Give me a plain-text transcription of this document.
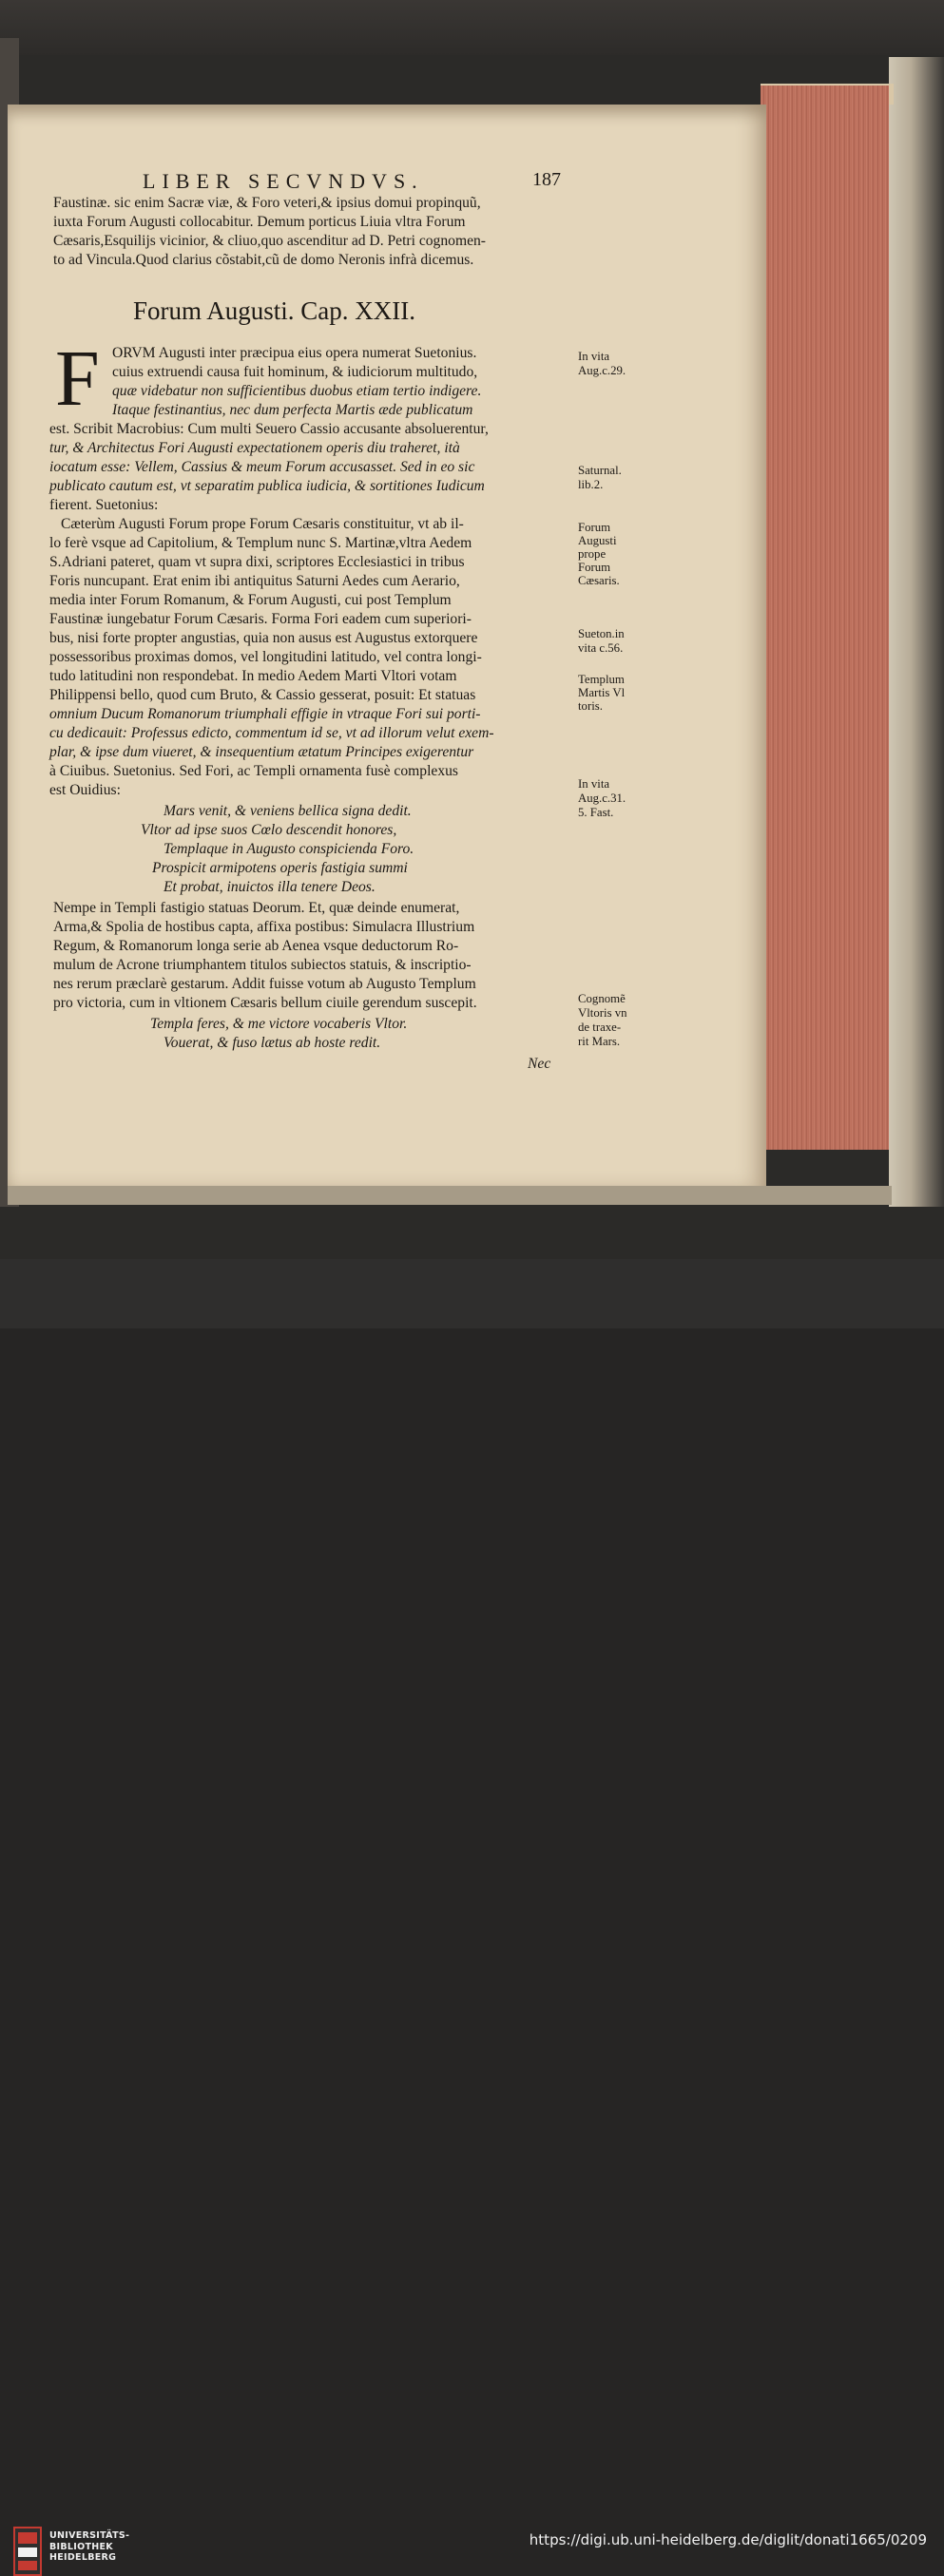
LIBER SECVNDVS.	187
Faustinæ. sic enim Sacræ viæ, & Foro veteri,& ipsius domui propinquũ,
iuxta Forum Augusti collocabitur. Demum porticus Liuia vltra Forum
Cæsaris,Esquilijs vicinior, & cliuo,quo ascenditur ad D. Petri cognomen-
to ad Vincula.Quod clarius cõstabit,cũ de domo Neronis infrà dicemus.
Forum Augusti. Cap. XXII.
F ORVM Augusti inter præcipua eius opera numerat Suetonius.
cuius extruendi causa fuit hominum, & iudiciorum multitudo,
quæ videbatur non sufficientibus duobus etiam tertio indigere.
Itaque festinantius, nec dum perfecta Martis æde publicatum
est. Scribit Macrobius: Cum multi Seuero Cassio accusante absoluerentur,
tur, & Architectus Fori Augusti expectationem operis diu traheret, ità
iocatum esse: Vellem, Cassius & meum Forum accusasset. Sed in eo sic
publicato cautum est, vt separatim publica iudicia, & sortitiones Iudicum
fierent. Suetonius:
Cæterùm Augusti Forum prope Forum Cæsaris constituitur, vt ab il-
lo ferè vsque ad Capitolium, & Templum nunc S. Martinæ,vltra Aedem
S.Adriani pateret, quam vt supra dixi, scriptores Ecclesiastici in tribus
Foris nuncupant. Erat enim ibi antiquitus Saturni Aedes cum Aerario,
media inter Forum Romanum, & Forum Augusti, cui post Templum
Faustinæ iungebatur Forum Cæsaris. Forma Fori eadem cum superiori-
bus, nisi forte propter angustias, quia non ausus est Augustus extorquere
possessoribus proximas domos, vel longitudini latitudo, vel contra longi-
tudo latitudini non respondebat. In medio Aedem Marti Vltori votam
Philippensi bello, quod cum Bruto, & Cassio gesserat, posuit: Et statuas
omnium Ducum Romanorum triumphali effigie in vtraque Fori sui porti-
cu dedicauit: Professus edicto, commentum id se, vt ad illorum velut exem-
plar, & ipse dum viueret, & insequentium ætatum Principes exigerentur
à Ciuibus. Suetonius. Sed Fori, ac Templi ornamenta fusè complexus
est Ouidius:
Mars venit, & veniens bellica signa dedit.
Vltor ad ipse suos Cœlo descendit honores,
Templaque in Augusto conspicienda Foro.
Prospicit armipotens operis fastigia summi
Et probat, inuictos illa tenere Deos.
Nempe in Templi fastigio statuas Deorum. Et, quæ deinde enumerat,
Arma,& Spolia de hostibus capta, affixa postibus: Simulacra Illustrium
Regum, & Romanorum longa serie ab Aenea vsque deductorum Ro-
mulum de Acrone triumphantem titulos subiectos statuis, & inscriptio-
nes rerum præclarè gestarum. Addit fuisse votum ab Augusto Templum
pro victoria, cum in vltionem Cæsaris bellum ciuile gerendum suscepit.
Templa feres, & me victore vocaberis Vltor.
Vouerat, & fuso lætus ab hoste redit.
Nec
In vita
Aug.c.29.
Saturnal.
lib.2.
Forum
Augusti
prope
Forum
Cæsaris.
Sueton.in
vita c.56.
Templum
Martis Vl
toris.
In vita
Aug.c.31.
5. Fast.
Cognomẽ
Vltoris vn
de traxe-
rit Mars.
UNIVERSITÄTS-
BIBLIOTHEK
HEIDELBERG
https://digi.ub.uni-heidelberg.de/diglit/donati1665/0209
